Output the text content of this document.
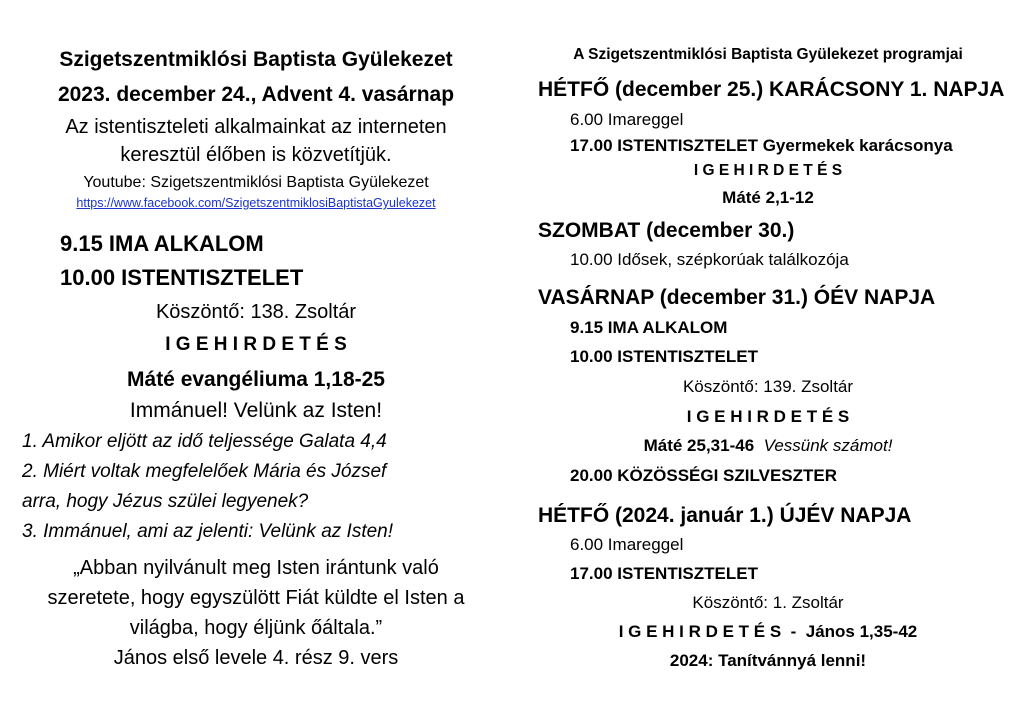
Szigetszentmiklósi Baptista Gyülekezet
2023. december 24., Advent 4. vasárnap
Az istentiszteleti alkalmainkat az interneten
keresztül élőben is közvetítjük.
Youtube: Szigetszentmiklósi Baptista Gyülekezet
https://www.facebook.com/SzigetszentmiklosiBaptistaGyulekezet
9.15 IMA ALKALOM
10.00 ISTENTISZTELET
Köszöntő: 138. Zsoltár
I G E H I R D E T É S
Máté evangéliuma 1,18-25
Immánuel! Velünk az Isten!
1. Amikor eljött az idő teljessége Galata 4,4
2. Miért voltak megfelelőek Mária és József
arra, hogy Jézus szülei legyenek?
3. Immánuel, ami az jelenti: Velünk az Isten!
„Abban nyilvánult meg Isten irántunk való
szeretete, hogy egyszülött Fiát küldte el Isten a
világba, hogy éljünk őáltala.”
János első levele 4. rész 9. vers
A Szigetszentmiklósi Baptista Gyülekezet programjai
HÉTFŐ (december 25.) KARÁCSONY 1. NAPJA
6.00 Imareggel
17.00 ISTENTISZTELET Gyermekek karácsonya
I G E H I R D E T É S
Máté 2,1-12
SZOMBAT (december 30.)
10.00 Idősek, szépkorúak találkozója
VASÁRNAP (december 31.) ÓÉV NAPJA
9.15 IMA ALKALOM
10.00 ISTENTISZTELET
Köszöntő: 139. Zsoltár
I G E H I R D E T É S
Máté 25,31-46 Vessünk számot!
20.00 KÖZÖSSÉGI SZILVESZTER
HÉTFŐ (2024. január 1.) ÚJÉV NAPJA
6.00 Imareggel
17.00 ISTENTISZTELET
Köszöntő: 1. Zsoltár
I G E H I R D E T É S  -  János 1,35-42
2024: Tanítvánnyá lenni!
